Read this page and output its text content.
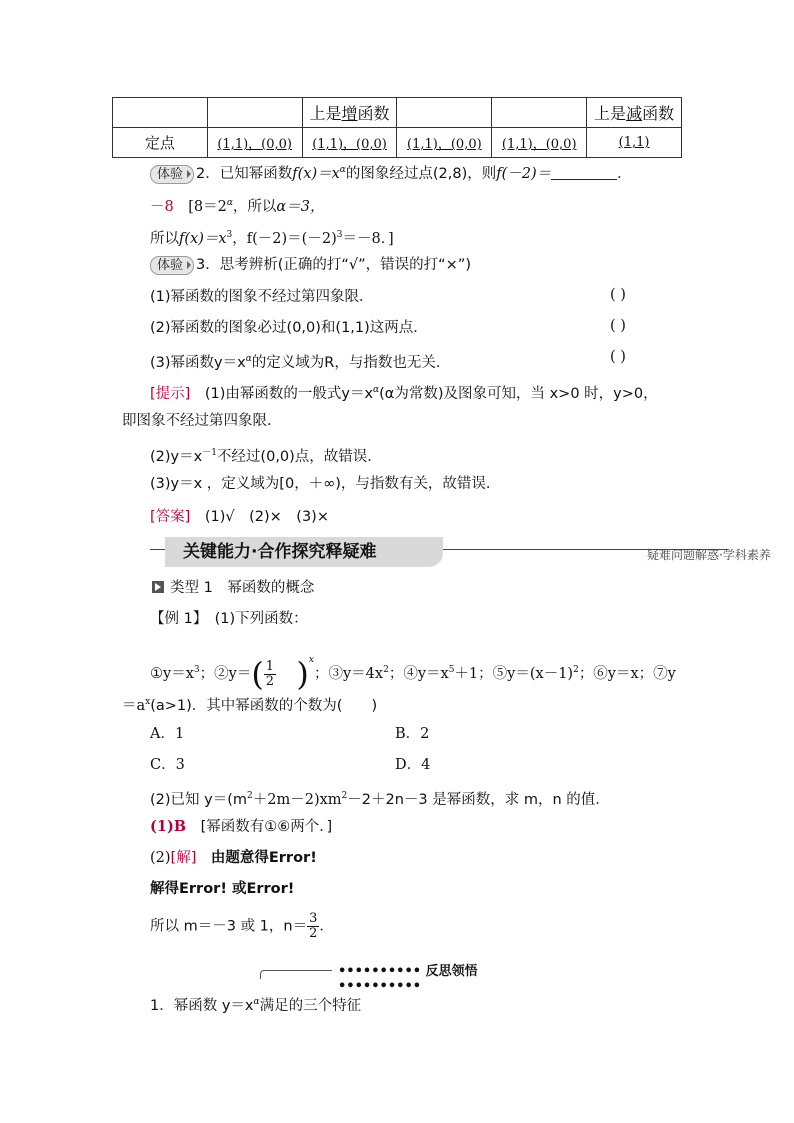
		上是增函数			上是减函数
定点	(1,1)，(0,0)	(1,1)，(0,0)	(1,1)，(0,0)	(1,1)，(0,0)	(1,1)
体验 2．已知幂函数$f(x)=x^\alpha$的图象经过点(2,8)，则f(－2)＝	．
－8　 [$8=2^\alpha$，所以α＝3，
所以$f(x)=x^3$，$f(-2)=(-2)^3=-8$．]
体验 3．思考辨析(正确的打“√”，错误的打“×”)
(1)幂函数的图象不经过第四象限．	( )
(2)幂函数的图象必过(0,0)和(1,1)这两点．	( )
(3)幂函数$y=x^\alpha$的定义域为R，与指数也无关．	( )
[提示]　 (1)由幂函数的一般式$y=x^\alpha(\alpha$为常数)及图象可知，当 x>0 时，y>0，
即图象不经过第四象限．
$(2)y=x^{-1}$不经过(0,0)点，故错误．
(3)y＝x ，定义域为[0，＋∞)，与指数有关，故错误．
[答案]　 (1)√　(2)×　(3)×
关键能力·合作探究释疑难	疑难问题解惑·学科素养
类型 1　幂函数的概念
【例 1】　(1)下列函数：
$①y=x^3$；②y＝( $\frac{1}{2} )^x$；$③y=4x^2$；$④y=x^5+1$；$⑤y=(x-1)^2$；⑥y＝x；⑦y
$=a^x(a>1)$．其中幂函数的个数为(　　)
A．1	B．2
C．3	D．4
(2)已知 $y=(m^2+2m-2)xm^2-2+2n-3$ 是幂函数，求 m，n 的值．
(1)B　[幂函数有①⑥两个．]
(2)[解]　由题意得Error!
解得Error! 或Error!
所以 m＝－3 或 1，$n= \frac{3}{2}$ ．
•••••••••• 反思领悟 ••••••••••
1．幂函数 $y=x^\alpha$满足的三个特征
